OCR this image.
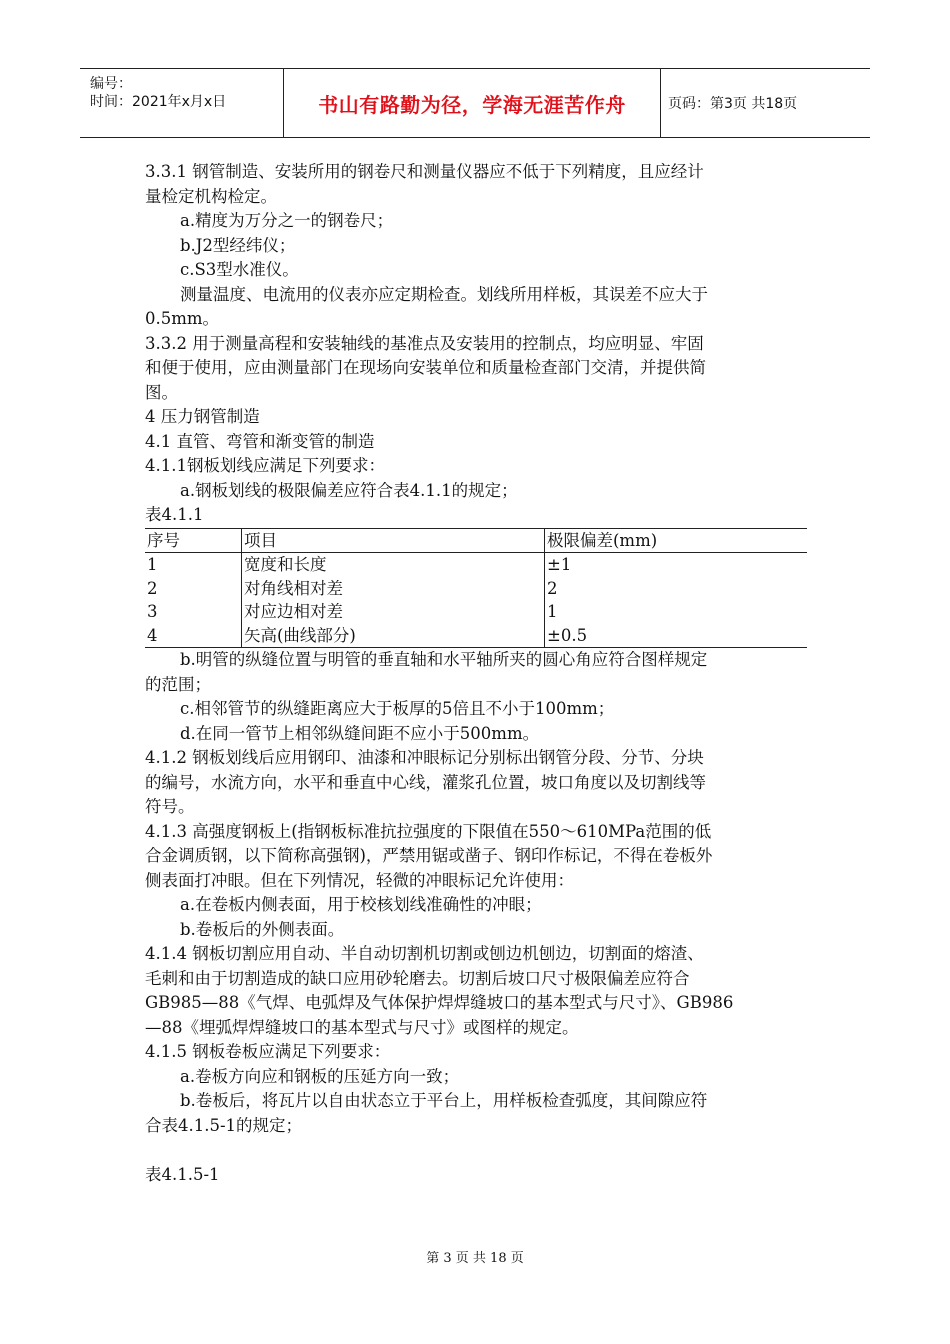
编号：
时间：2021年x月x日	书山有路勤为径，学海无涯苦作舟	页码：第3页 共18页
3.3.1 钢管制造、安装所用的钢卷尺和测量仪器应不低于下列精度，且应经计
量检定机构检定。
a.精度为万分之一的钢卷尺；
b.J2型经纬仪；
c.S3型水准仪。
测量温度、电流用的仪表亦应定期检查。划线所用样板，其误差不应大于
0.5mm。
3.3.2 用于测量高程和安装轴线的基准点及安装用的控制点，均应明显、牢固
和便于使用，应由测量部门在现场向安装单位和质量检查部门交清，并提供简
图。
4 压力钢管制造
4.1 直管、弯管和渐变管的制造
4.1.1钢板划线应满足下列要求：
a.钢板划线的极限偏差应符合表4.1.1的规定；
表4.1.1
序号	项目	极限偏差(mm)
1	宽度和长度	±1
2	对角线相对差	2
3	对应边相对差	1
4	矢高(曲线部分)	±0.5
b.明管的纵缝位置与明管的垂直轴和水平轴所夹的圆心角应符合图样规定
的范围；
c.相邻管节的纵缝距离应大于板厚的5倍且不小于100mm；
d.在同一管节上相邻纵缝间距不应小于500mm。
4.1.2 钢板划线后应用钢印、油漆和冲眼标记分别标出钢管分段、分节、分块
的编号，水流方向，水平和垂直中心线，灌浆孔位置，坡口角度以及切割线等
符号。
4.1.3 高强度钢板上(指钢板标准抗拉强度的下限值在550～610MPa范围的低
合金调质钢，以下简称高强钢)，严禁用锯或凿子、钢印作标记，不得在卷板外
侧表面打冲眼。但在下列情况，轻微的冲眼标记允许使用：
a.在卷板内侧表面，用于校核划线准确性的冲眼；
b.卷板后的外侧表面。
4.1.4 钢板切割应用自动、半自动切割机切割或刨边机刨边，切割面的熔渣、
毛刺和由于切割造成的缺口应用砂轮磨去。切割后坡口尺寸极限偏差应符合
GB985—88《气焊、电弧焊及气体保护焊焊缝坡口的基本型式与尺寸》、GB986
—88《埋弧焊焊缝坡口的基本型式与尺寸》或图样的规定。
4.1.5 钢板卷板应满足下列要求：
a.卷板方向应和钢板的压延方向一致；
b.卷板后，将瓦片以自由状态立于平台上，用样板检查弧度，其间隙应符
合表4.1.5-1的规定；
表4.1.5-1
第 3 页 共 18 页
